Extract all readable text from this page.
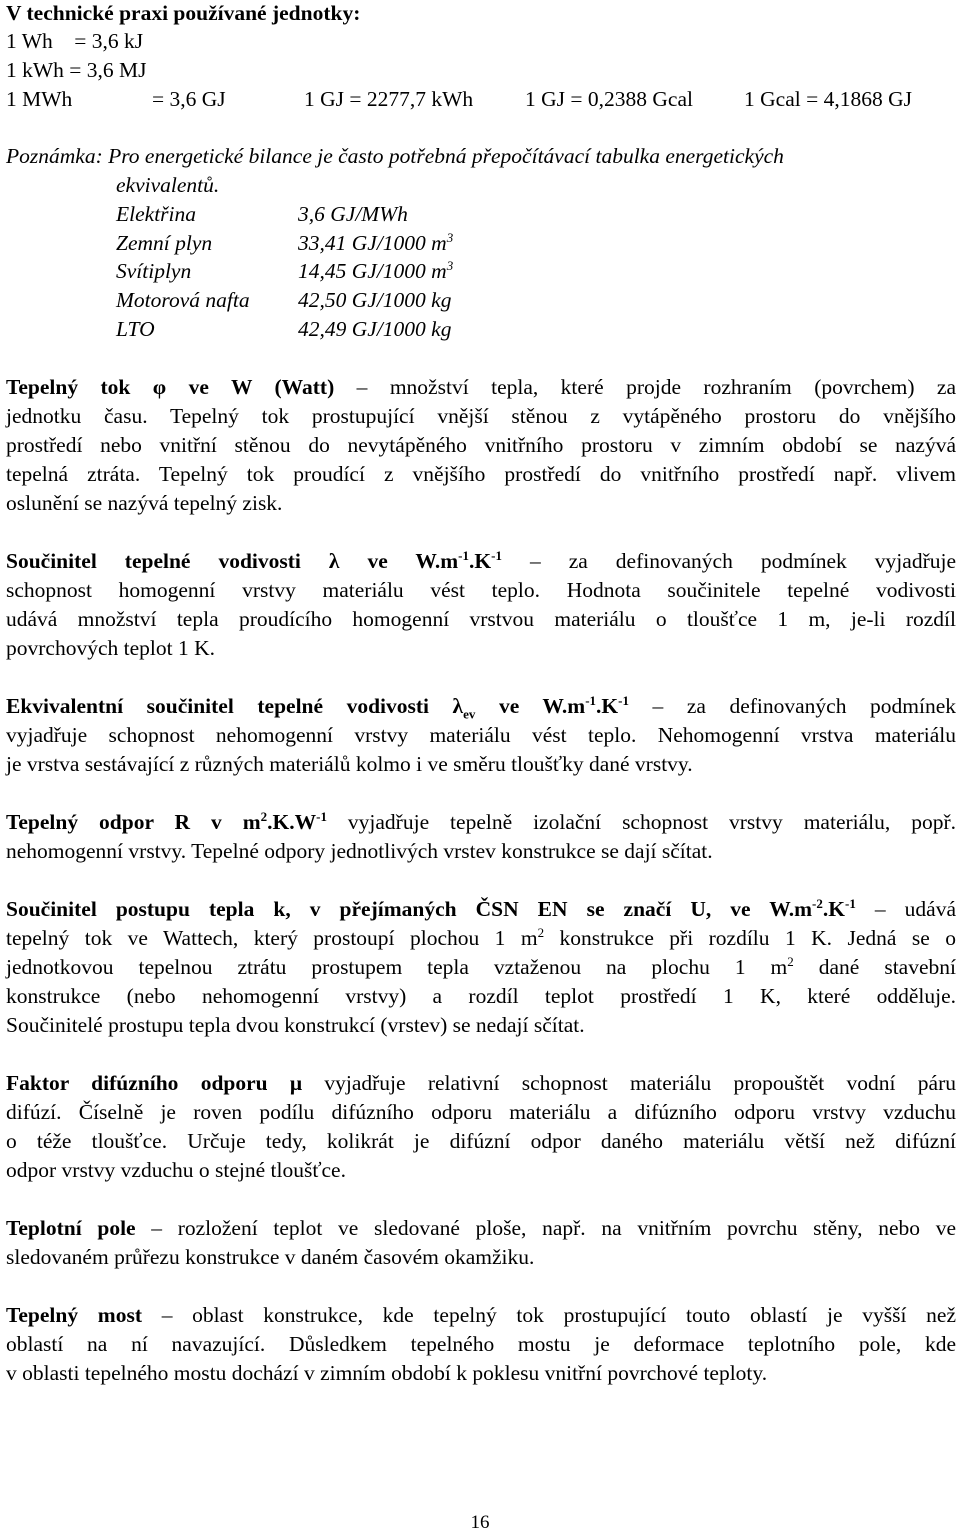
V technické praxi používané jednotky:
1 Wh    = 3,6 kJ
1 kWh = 3,6 MJ
1 MWh	= 3,6 GJ	1 GJ = 2277,7 kWh 1 GJ = 0,2388 Gcal 1 Gcal = 4,1868 GJ
Poznámka: Pro energetické bilance je často potřebná přepočítávací tabulka energetických
ekvivalentů.
Elektřina	3,6 GJ/MWh
Zemní plyn	33,41 GJ/1000 $m^3$
Svítiplyn	14,45 GJ/1000 $m^3$
Motorová nafta 42,50 GJ/1000 kg
LTO	42,49 GJ/1000 kg
Tepelný tok φ ve W (Watt) – množství tepla, které projde rozhraním (povrchem) za
jednotku času. Tepelný tok prostupující vnější stěnou z vytápěného prostoru do vnějšího
prostředí nebo vnitřní stěnou do nevytápěného vnitřního prostoru v zimním období se nazývá
tepelná ztráta. Tepelný tok proudící z vnějšího prostředí do vnitřního prostředí např. vlivem
oslunění se nazývá tepelný zisk.
Součinitel tepelné vodivosti λ ve $W.m^{-1}.K^{-1}$ – za definovaných podmínek vyjadřuje
schopnost homogenní vrstvy materiálu vést teplo. Hodnota součinitele tepelné vodivosti
udává množství tepla proudícího homogenní vrstvou materiálu o tloušťce 1 m, je-li rozdíl
povrchových teplot 1 K.
Ekvivalentní součinitel tepelné vodivosti $\lambda_{ev}$ ve $W.m^{-1}.K^{-1}$ – za definovaných podmínek
vyjadřuje schopnost nehomogenní vrstvy materiálu vést teplo. Nehomogenní vrstva materiálu
je vrstva sestávající z různých materiálů kolmo i ve směru tloušťky dané vrstvy.
Tepelný odpor R v $m^2.K.W^{-1}$ vyjadřuje tepelně izolační schopnost vrstvy materiálu, popř.
nehomogenní vrstvy. Tepelné odpory jednotlivých vrstev konstrukce se dají sčítat.
Součinitel postupu tepla k, v přejímaných ČSN EN se značí U, ve $W.m^{-2}.K^{-1}$ – udává
tepelný tok ve Wattech, který prostoupí plochou 1 $m^2$ konstrukce při rozdílu 1 K. Jedná se o
jednotkovou tepelnou ztrátu prostupem tepla vztaženou na plochu 1 $m^2$ dané stavební
konstrukce (nebo nehomogenní vrstvy) a rozdíl teplot prostředí 1 K, které odděluje.
Součinitelé prostupu tepla dvou konstrukcí (vrstev) se nedají sčítat.
Faktor difúzního odporu μ vyjadřuje relativní schopnost materiálu propouštět vodní páru
difúzí. Číselně je roven podílu difúzního odporu materiálu a difúzního odporu vrstvy vzduchu
o téže tloušťce. Určuje tedy, kolikrát je difúzní odpor daného materiálu větší než difúzní
odpor vrstvy vzduchu o stejné tloušťce.
Teplotní pole – rozložení teplot ve sledované ploše, např. na vnitřním povrchu stěny, nebo ve
sledovaném průřezu konstrukce v daném časovém okamžiku.
Tepelný most – oblast konstrukce, kde tepelný tok prostupující touto oblastí je vyšší než
oblastí na ní navazující. Důsledkem tepelného mostu je deformace teplotního pole, kde
v oblasti tepelného mostu dochází v zimním období k poklesu vnitřní povrchové teploty.
16
